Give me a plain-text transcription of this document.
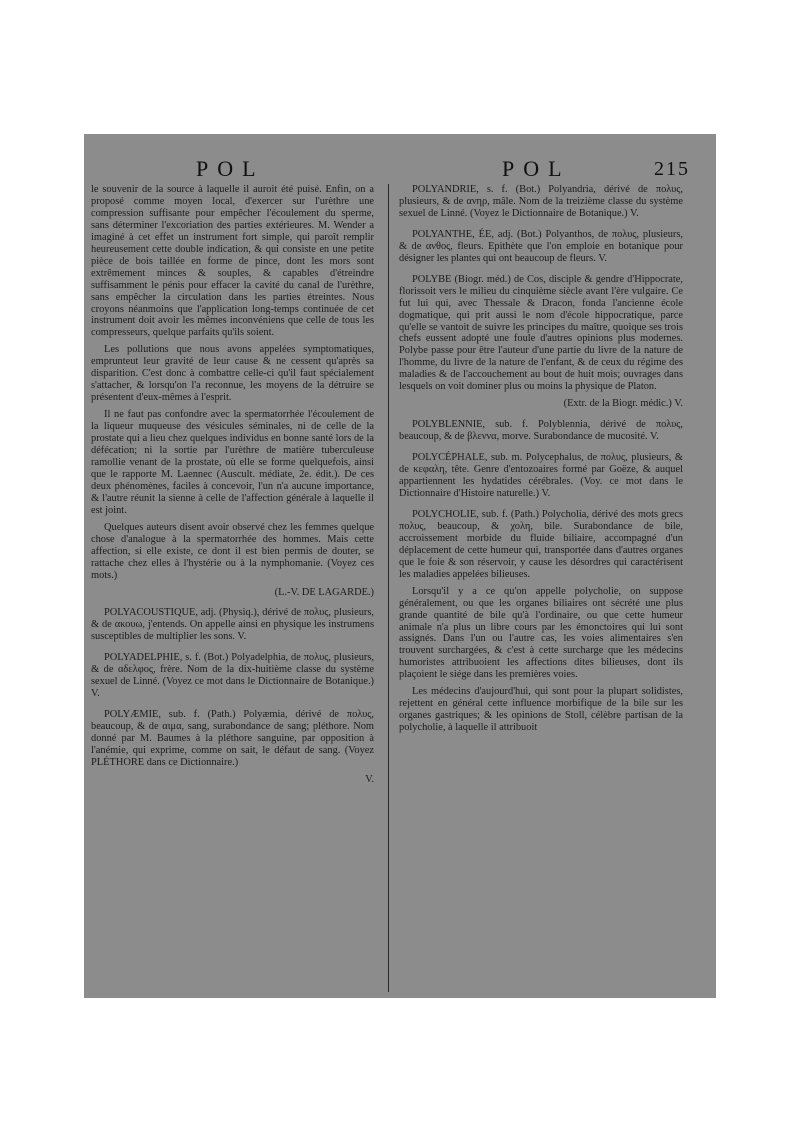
POL	POL	215

le souvenir de la source à laquelle il auroit été puisé. Enfin, on a proposé comme moyen local, d'exercer sur l'urèthre une compression suffisante pour empêcher l'écoulement du sperme, sans déterminer l'excoriation des parties extérieures. M. Wender a imaginé à cet effet un instrument fort simple, qui paroît remplir heureusement cette double indication, & qui consiste en une petite pièce de bois taillée en forme de pince, dont les mors sont extrêmement minces & souples, & capables d'étreindre suffisamment le pénis pour effacer la cavité du canal de l'urèthre, sans empêcher la circulation dans les parties étreintes. Nous croyons néanmoins que l'application long-temps continuée de cet instrument doit avoir les mêmes inconvéniens que celle de tous les compresseurs, quelque parfaits qu'ils soient.

Les pollutions que nous avons appelées symptomatiques, emprunteut leur gravité de leur cause & ne cessent qu'après sa disparition. C'est donc à combattre celle-ci qu'il faut spécialement s'attacher, & lorsqu'on l'a reconnue, les moyens de la détruire se présentent d'eux-mêmes à l'esprit.

Il ne faut pas confondre avec la spermatorrhée l'écoulement de la liqueur muqueuse des vésicules séminales, ni de celle de la prostate qui a lieu chez quelques individus en bonne santé lors de la défécation; ni la sortie par l'urèthre de matière tuberculeuse ramollie venant de la prostate, où elle se forme quelquefois, ainsi que le rapporte M. Laennec (Auscult. médiate, 2e. édit.). De ces deux phénomènes, faciles à concevoir, l'un n'a aucune importance, & l'autre réunit la sienne à celle de l'affection générale à laquelle il est joint.

Quelques auteurs disent avoir observé chez les femmes quelque chose d'analogue à la spermatorrhée des hommes. Mais cette affection, si elle existe, ce dont il est bien permis de douter, se rattache chez elles à l'hystérie ou à la nymphomanie. (Voyez ces mots.)

(L.-V. DE LAGARDE.)

POLYACOUSTIQUE, adj. (Physiq.), dérivé de πολυς, plusieurs, & de ακουω, j'entends. On appelle ainsi en physique les instrumens susceptibles de multiplier les sons. V.

POLYADELPHIE, s. f. (Bot.) Polyadelphia, de πολυς, plusieurs, & de αδελφος, frère. Nom de la dix-huitième classe du système sexuel de Linné. (Voyez ce mot dans le Dictionnaire de Botanique.) V.

POLYÆMIE, sub. f. (Path.) Polyæmia, dérivé de πολυς, beaucoup, & de αιμα, sang, surabondance de sang; pléthore. Nom donné par M. Baumes à la pléthore sanguine, par opposition à l'anémie, qui exprime, comme on sait, le défaut de sang. (Voyez PLÉTHORE dans ce Dictionnaire.)

V.

POLYANDRIE, s. f. (Bot.) Polyandria, dérivé de πολυς, plusieurs, & de ανηρ, mâle. Nom de la treizième classe du système sexuel de Linné. (Voyez le Dictionnaire de Botanique.) V.

POLYANTHE, ÉE, adj. (Bot.) Polyanthos, de πολυς, plusieurs, & de ανθος, fleurs. Epithète que l'on emploie en botanique pour désigner les plantes qui ont beaucoup de fleurs. V.

POLYBE (Biogr. méd.) de Cos, disciple & gendre d'Hippocrate, florissoit vers le milieu du cinquième siècle avant l'ère vulgaire. Ce fut lui qui, avec Thessale & Dracon, fonda l'ancienne école dogmatique, qui prit aussi le nom d'école hippocratique, parce qu'elle se vantoit de suivre les principes du maître, quoique ses trois chefs eussent adopté une foule d'autres opinions plus modernes. Polybe passe pour être l'auteur d'une partie du livre de la nature de l'homme, du livre de la nature de l'enfant, & de ceux du régime des maladies & de l'accouchement au bout de huit mois; ouvrages dans lesquels on voit dominer plus ou moins la physique de Platon.

(Extr. de la Biogr. médic.) V.

POLYBLENNIE, sub. f. Polyblennia, dérivé de πολυς, beaucoup, & de βλεννα, morve. Surabondance de mucosité. V.

POLYCÉPHALE, sub. m. Polycephalus, de πολυς, plusieurs, & de κεφαλη, tête. Genre d'entozoaires formé par Goëze, & auquel appartiennent les hydatides cérébrales. (Voy. ce mot dans le Dictionnaire d'Histoire naturelle.) V.

POLYCHOLIE, sub. f. (Path.) Polycholia, dérivé des mots grecs πολυς, beaucoup, & χολη, bile. Surabondance de bile, accroissement morbide du fluide biliaire, accompagné d'un déplacement de cette humeur qui, transportée dans d'autres organes que le foie & son réservoir, y cause les désordres qui caractérisent les maladies appelées bilieuses.

Lorsqu'il y a ce qu'on appelle polycholie, on suppose généralement, ou que les organes biliaires ont sécrété une plus grande quantité de bile qu'à l'ordinaire, ou que cette humeur animale n'a plus un libre cours par les émonctoires qui lui sont assignés. Dans l'un ou l'autre cas, les voies alimentaires s'en trouvent surchargées, & c'est à cette surcharge que les médecins humoristes attribuoient les affections dites bilieuses, dont ils plaçoient le siége dans les premières voies.

Les médecins d'aujourd'hui, qui sont pour la plupart solidistes, rejettent en général cette influence morbifique de la bile sur les organes gastriques; & les opinions de Stoll, célèbre partisan de la polycholie, à laquelle il attribuoit
